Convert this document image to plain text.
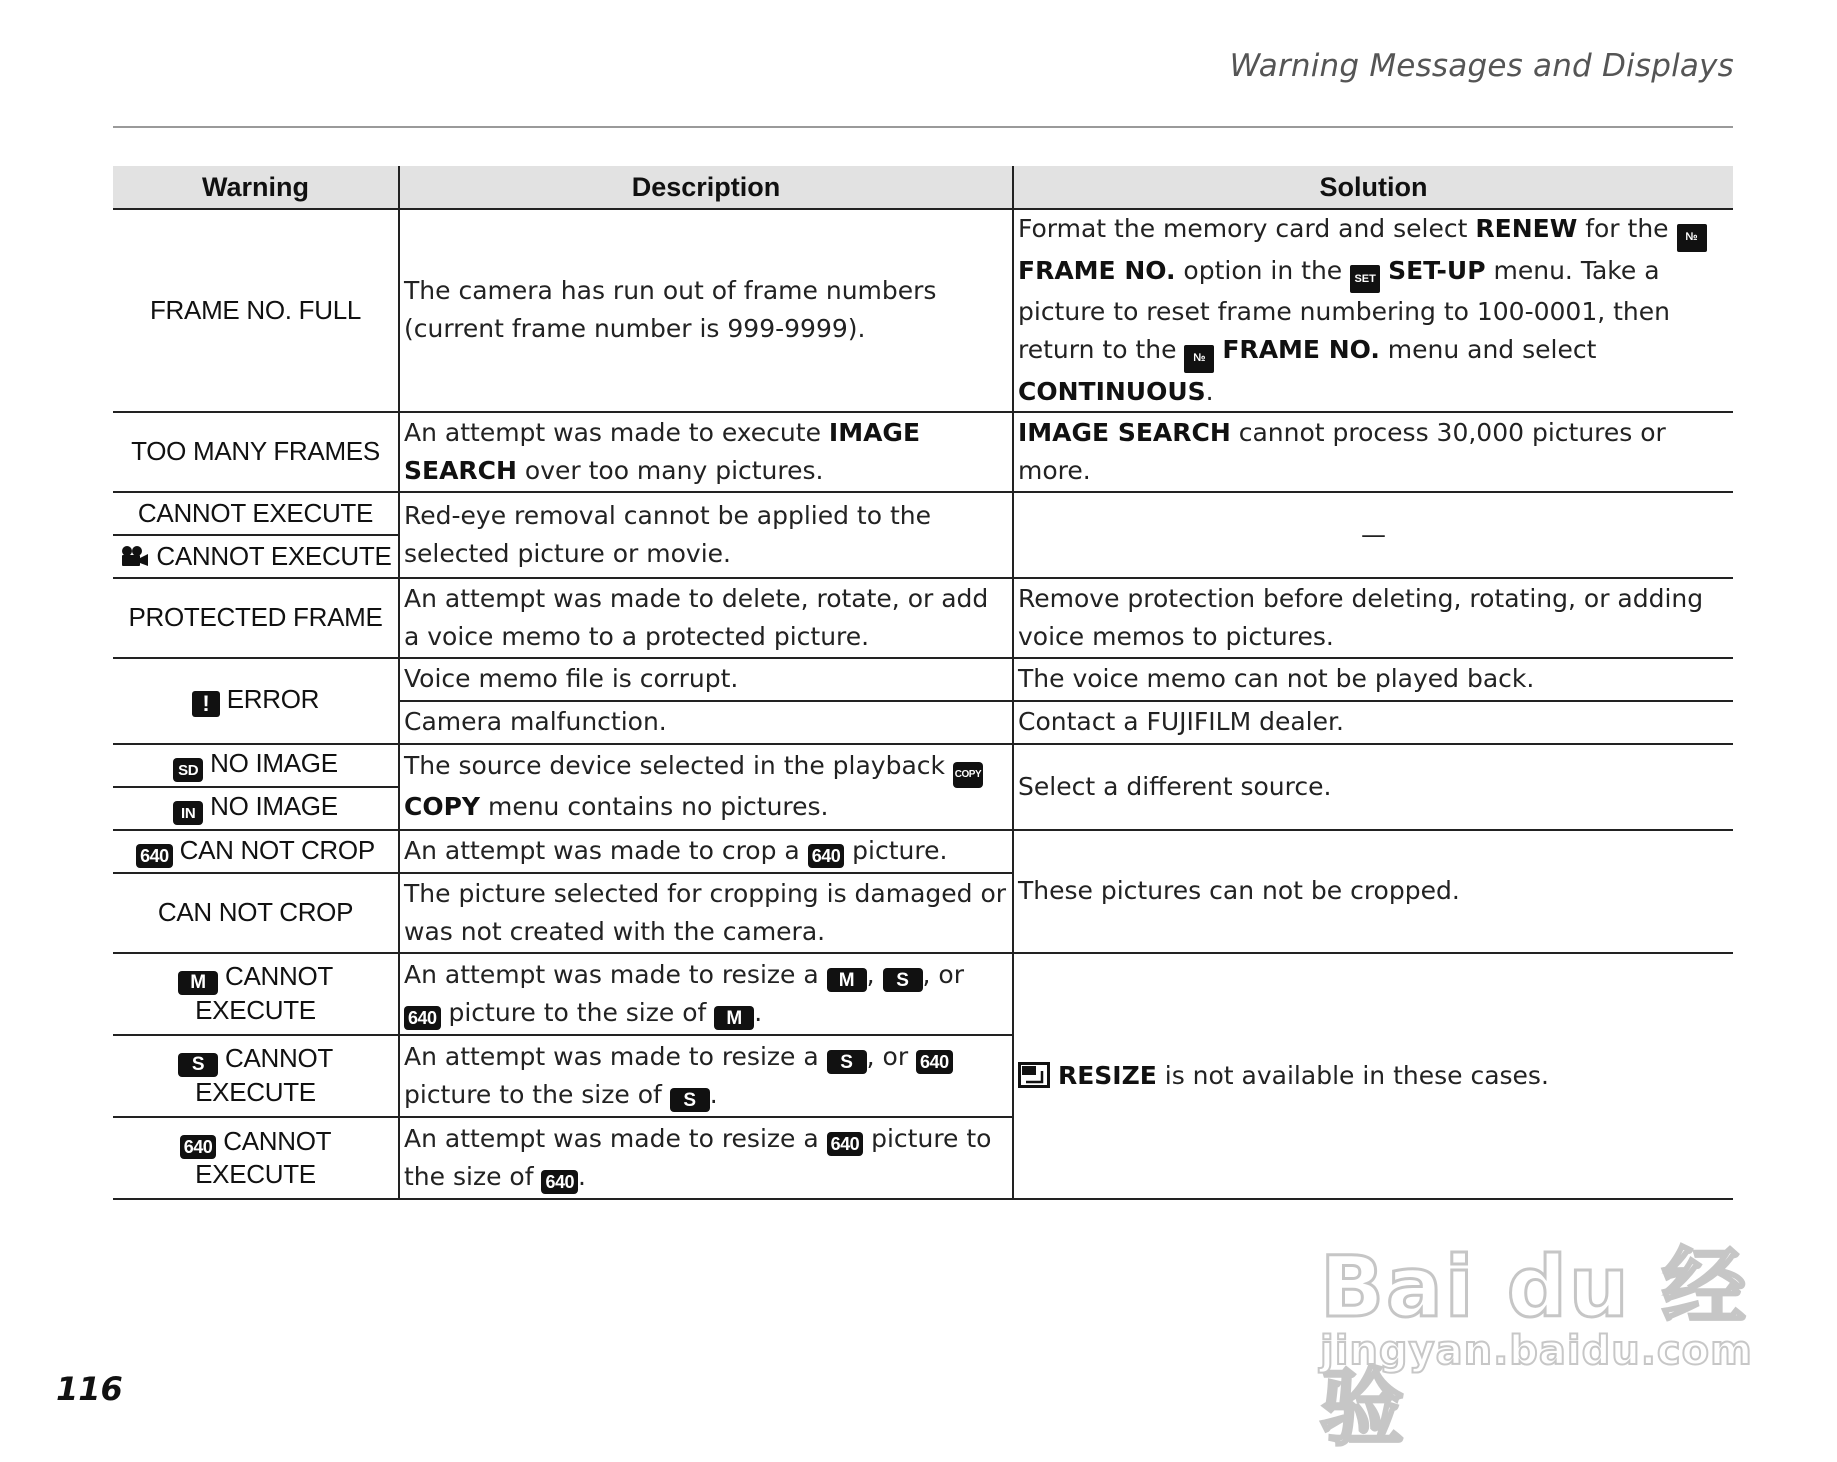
Warning Messages and Displays
Warning	Description	Solution
FRAME NO. FULL	The camera has run out of frame numbers (current frame number is 999-9999).	Format the memory card and select RENEW for the № FRAME NO. option in the SET SET-UP menu. Take a picture to reset frame numbering to 100-0001, then return to the № FRAME NO. menu and select CONTINUOUS.
TOO MANY FRAMES	An attempt was made to execute IMAGE SEARCH over too many pictures.	IMAGE SEARCH cannot process 30,000 pictures or more.
CANNOT EXECUTE	Red-eye removal cannot be applied to the selected picture or movie.	—
CANNOT EXECUTE		
PROTECTED FRAME	An attempt was made to delete, rotate, or add a voice memo to a protected picture.	Remove protection before deleting, rotating, or adding voice memos to pictures.
! ERROR	Voice memo file is corrupt.	The voice memo can not be played back.
	Camera malfunction.	Contact a FUJIFILM dealer.
SD NO IMAGE	The source device selected in the playback COPY COPY menu contains no pictures.	Select a different source.
IN NO IMAGE		
640 CAN NOT CROP	An attempt was made to crop a 640 picture.	These pictures can not be cropped.
CAN NOT CROP	The picture selected for cropping is damaged or was not created with the camera.	
M CANNOT EXECUTE	An attempt was made to resize a M , S , or 640 picture to the size of M .	RESIZE is not available in these cases.
S CANNOT EXECUTE	An attempt was made to resize a S , or 640 picture to the size of S .	
640 CANNOT EXECUTE	An attempt was made to resize a 640 picture to the size of 640 .	
Bai du 经验
jingyan.baidu.com
116
